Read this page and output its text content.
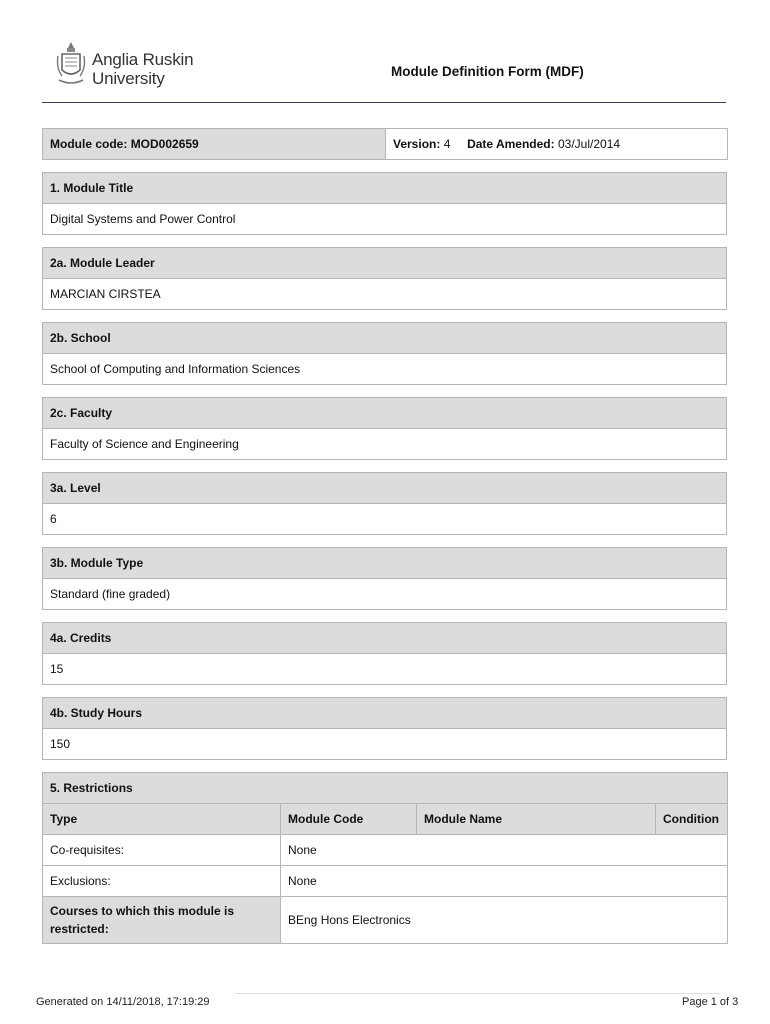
Anglia Ruskin
University	Module Definition Form (MDF)
Module code: MOD002659	Version: 4 Date Amended: 03/Jul/2014
1. Module Title
Digital Systems and Power Control
2a. Module Leader
MARCIAN CIRSTEA
2b. School
School of Computing and Information Sciences
2c. Faculty
Faculty of Science and Engineering
3a. Level
6
3b. Module Type
Standard (fine graded)
4a. Credits
15
4b. Study Hours
150
5. Restrictions			
Type	Module Code	Module Name	Condition
Co-requisites:	None		
Exclusions:	None		
Courses to which this module is restricted:	BEng Hons Electronics		
Generated on 14/11/2018, 17:19:29	Page 1 of 3
